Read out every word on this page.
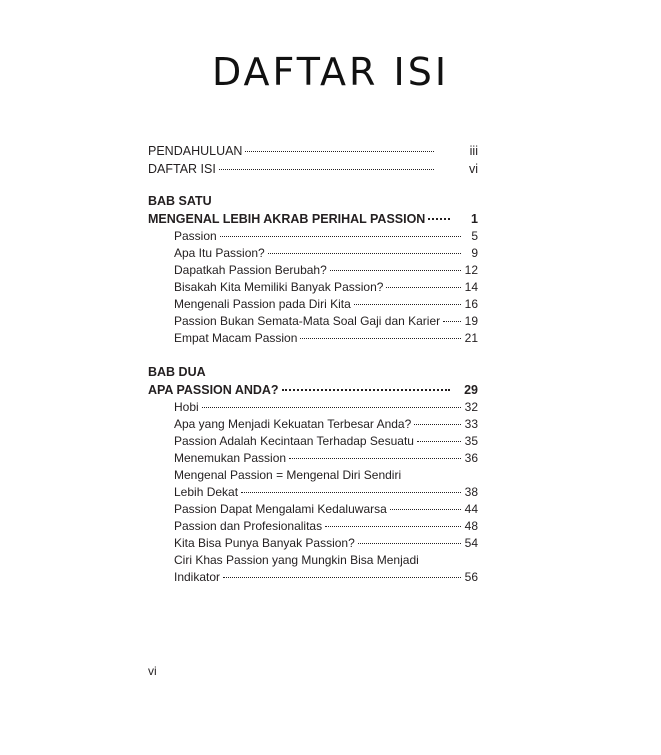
DAFTAR ISI
PENDAHULUAN	iii
DAFTAR ISI	vi
BAB SATU
MENGENAL LEBIH AKRAB PERIHAL PASSION	1
Passion	5
Apa Itu Passion?	9
Dapatkah Passion Berubah?	12
Bisakah Kita Memiliki Banyak Passion?	14
Mengenali Passion pada Diri Kita	16
Passion Bukan Semata-Mata Soal Gaji dan Karier 19
Empat Macam Passion	21
BAB DUA
APA PASSION ANDA?	29
Hobi	32
Apa yang Menjadi Kekuatan Terbesar Anda?	33
Passion Adalah Kecintaan Terhadap Sesuatu	35
Menemukan Passion	36
Mengenal Passion = Mengenal Diri Sendiri
Lebih Dekat	38
Passion Dapat Mengalami Kedaluwarsa	44
Passion dan Profesionalitas	48
Kita Bisa Punya Banyak Passion?	54
Ciri Khas Passion yang Mungkin Bisa Menjadi
Indikator	56
vi
